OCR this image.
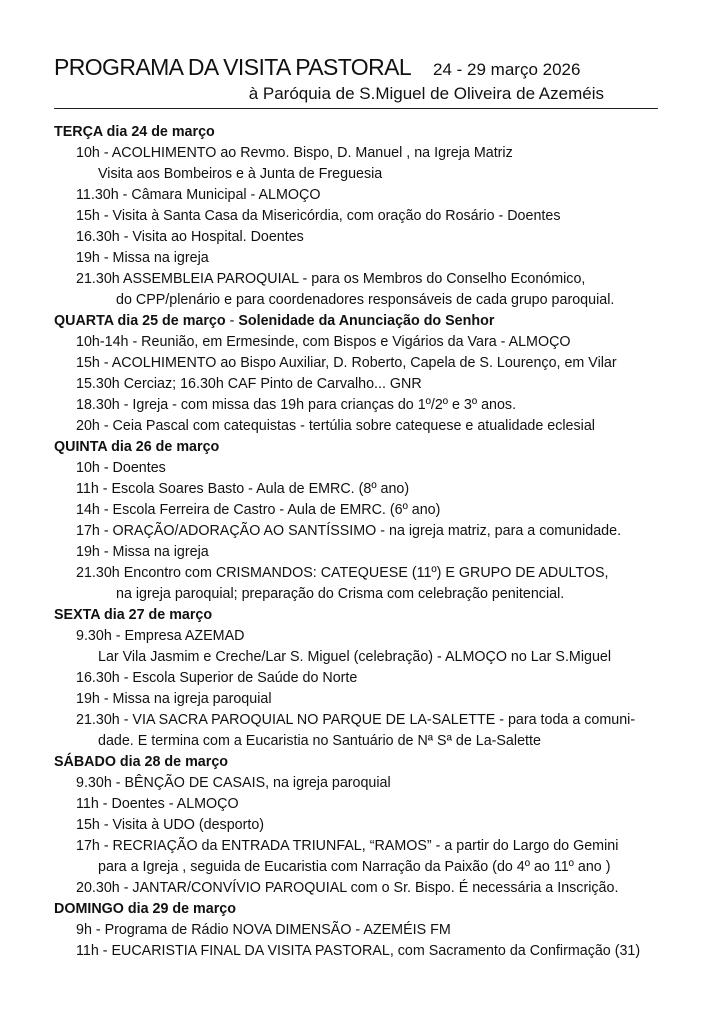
PROGRAMA DA VISITA PASTORAL 24 - 29 março 2026
à Paróquia de S.Miguel de Oliveira de Azeméis
TERÇA dia 24 de março
10h - ACOLHIMENTO ao Revmo. Bispo, D. Manuel , na Igreja Matriz
Visita aos Bombeiros e à Junta de Freguesia
11.30h - Câmara Municipal - ALMOÇO
15h - Visita à Santa Casa da Misericórdia, com oração do Rosário - Doentes
16.30h - Visita ao Hospital. Doentes
19h - Missa na igreja
21.30h ASSEMBLEIA PAROQUIAL - para os Membros do Conselho Económico,
do CPP/plenário e para coordenadores responsáveis de cada grupo paroquial.
QUARTA dia 25 de março - Solenidade da Anunciação do Senhor
10h-14h - Reunião, em Ermesinde, com Bispos e Vigários da Vara - ALMOÇO
15h - ACOLHIMENTO ao Bispo Auxiliar, D. Roberto, Capela de S. Lourenço, em Vilar
15.30h Cerciaz; 16.30h CAF Pinto de Carvalho... GNR
18.30h - Igreja - com missa das 19h para crianças do 1º/2º e 3º anos.
20h - Ceia Pascal com catequistas - tertúlia sobre catequese e atualidade eclesial
QUINTA dia 26 de março
10h - Doentes
11h - Escola Soares Basto - Aula de EMRC. (8º ano)
14h - Escola Ferreira de Castro - Aula de EMRC. (6º ano)
17h - ORAÇÃO/ADORAÇÃO AO SANTÍSSIMO - na igreja matriz, para a comunidade.
19h - Missa na igreja
21.30h Encontro com CRISMANDOS: CATEQUESE (11º) E GRUPO DE ADULTOS,
na igreja paroquial; preparação do Crisma com celebração penitencial.
SEXTA dia 27 de março
9.30h - Empresa AZEMAD
Lar Vila Jasmim e Creche/Lar S. Miguel (celebração) - ALMOÇO no Lar S.Miguel
16.30h - Escola Superior de Saúde do Norte
19h - Missa na igreja paroquial
21.30h - VIA SACRA PAROQUIAL NO PARQUE DE LA-SALETTE - para toda a comuni-
dade. E termina com a Eucaristia no Santuário de Nª Sª de La-Salette
SÁBADO dia 28 de março
9.30h - BÊNÇÃO DE CASAIS, na igreja paroquial
11h - Doentes - ALMOÇO
15h - Visita à UDO (desporto)
17h - RECRIAÇÃO da ENTRADA TRIUNFAL, “RAMOS” - a partir do Largo do Gemini
para a Igreja , seguida de Eucaristia com Narração da Paixão (do 4º ao 11º ano )
20.30h - JANTAR/CONVÍVIO PAROQUIAL com o Sr. Bispo. É necessária a Inscrição.
DOMINGO dia 29 de março
9h - Programa de Rádio NOVA DIMENSÃO - AZEMÉIS FM
11h - EUCARISTIA FINAL DA VISITA PASTORAL, com Sacramento da Confirmação (31)
